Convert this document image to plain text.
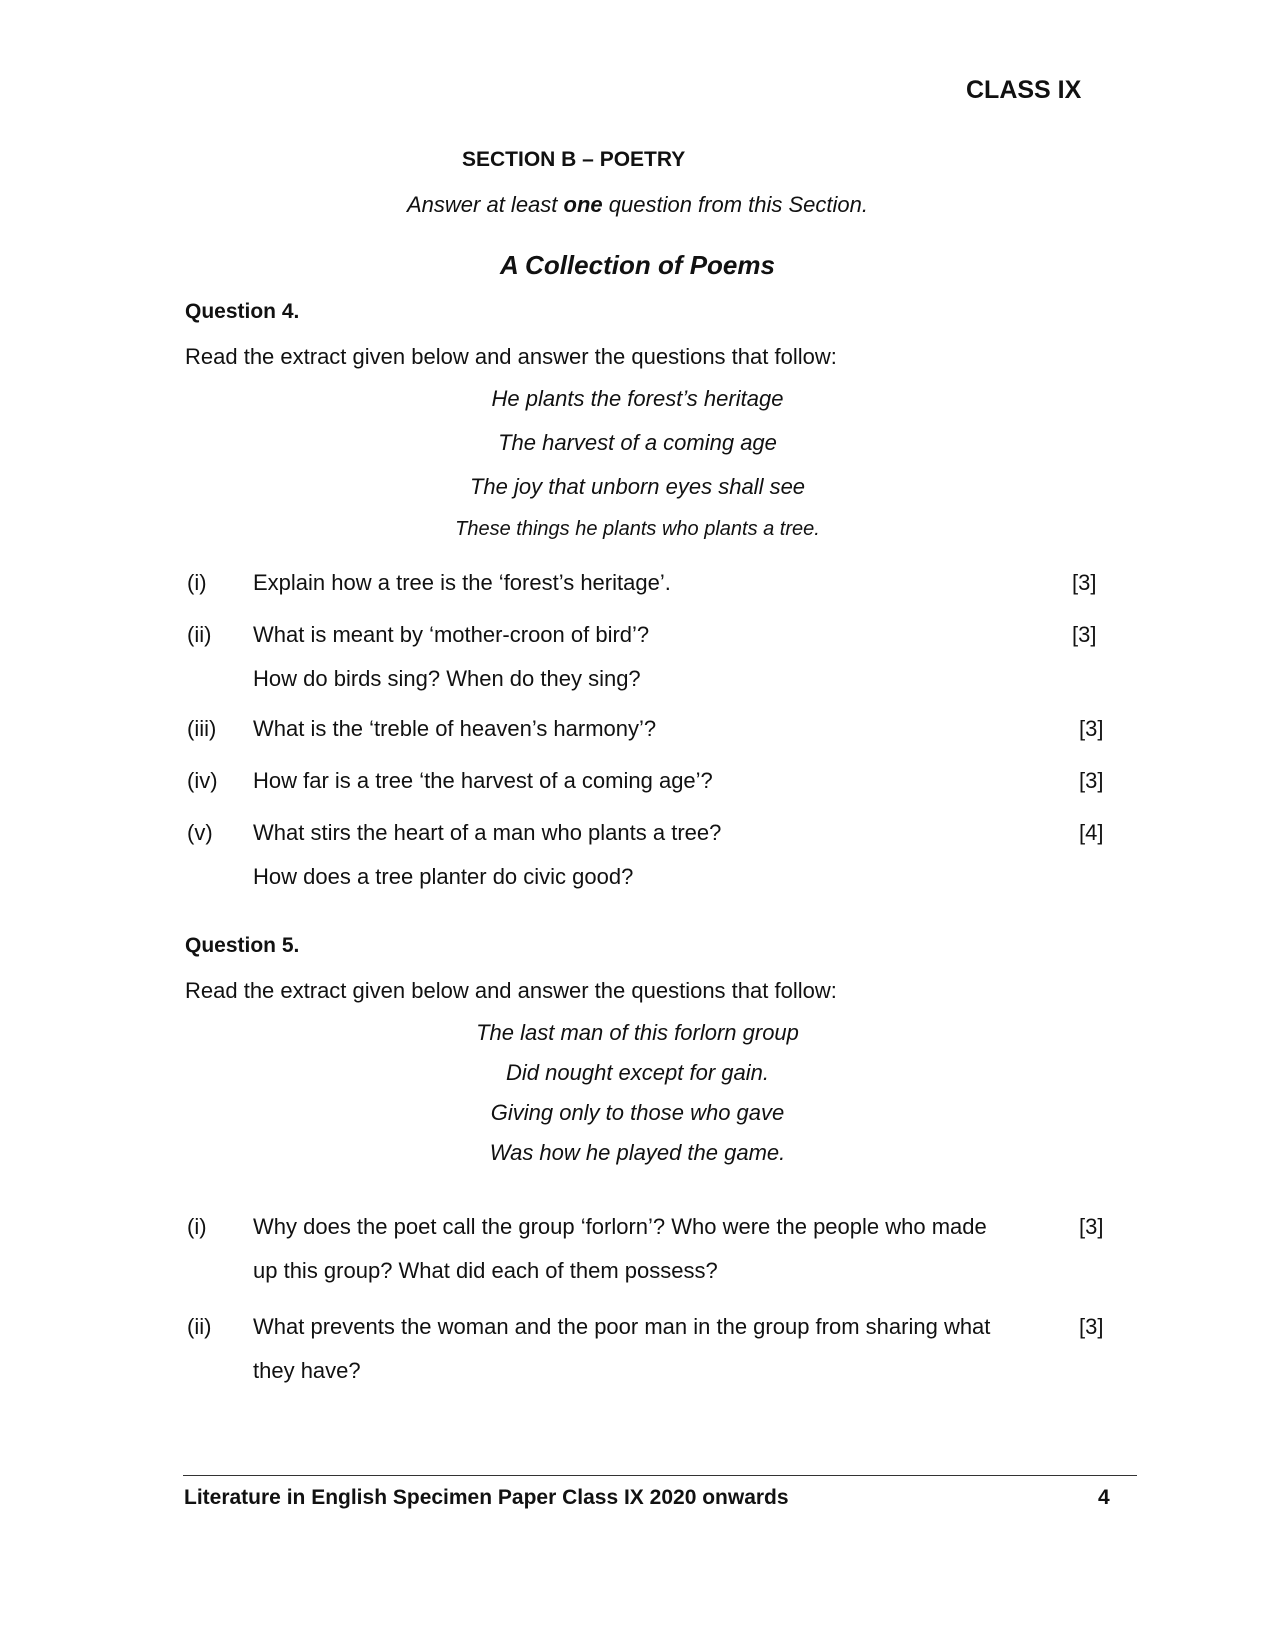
CLASS IX
SECTION B – POETRY
Answer at least one question from this Section.
A Collection of Poems
Question 4.
Read the extract given below and answer the questions that follow:
He plants the forest’s heritage
The harvest of a coming age
The joy that unborn eyes shall see
These things he plants who plants a tree.
(i) Explain how a tree is the ‘forest’s heritage’.	[3]
(ii) What is meant by ‘mother-croon of bird’?	[3]
How do birds sing? When do they sing?
(iii) What is the ‘treble of heaven’s harmony’?	[3]
(iv) How far is a tree ‘the harvest of a coming age’?	[3]
(v) What stirs the heart of a man who plants a tree?	[4]
How does a tree planter do civic good?
Question 5.
Read the extract given below and answer the questions that follow:
The last man of this forlorn group
Did nought except for gain.
Giving only to those who gave
Was how he played the game.
(i) Why does the poet call the group ‘forlorn’? Who were the people who made	[3]
up this group? What did each of them possess?
(ii) What prevents the woman and the poor man in the group from sharing what	[3]
they have?
Literature in English Specimen Paper Class IX 2020 onwards	4
